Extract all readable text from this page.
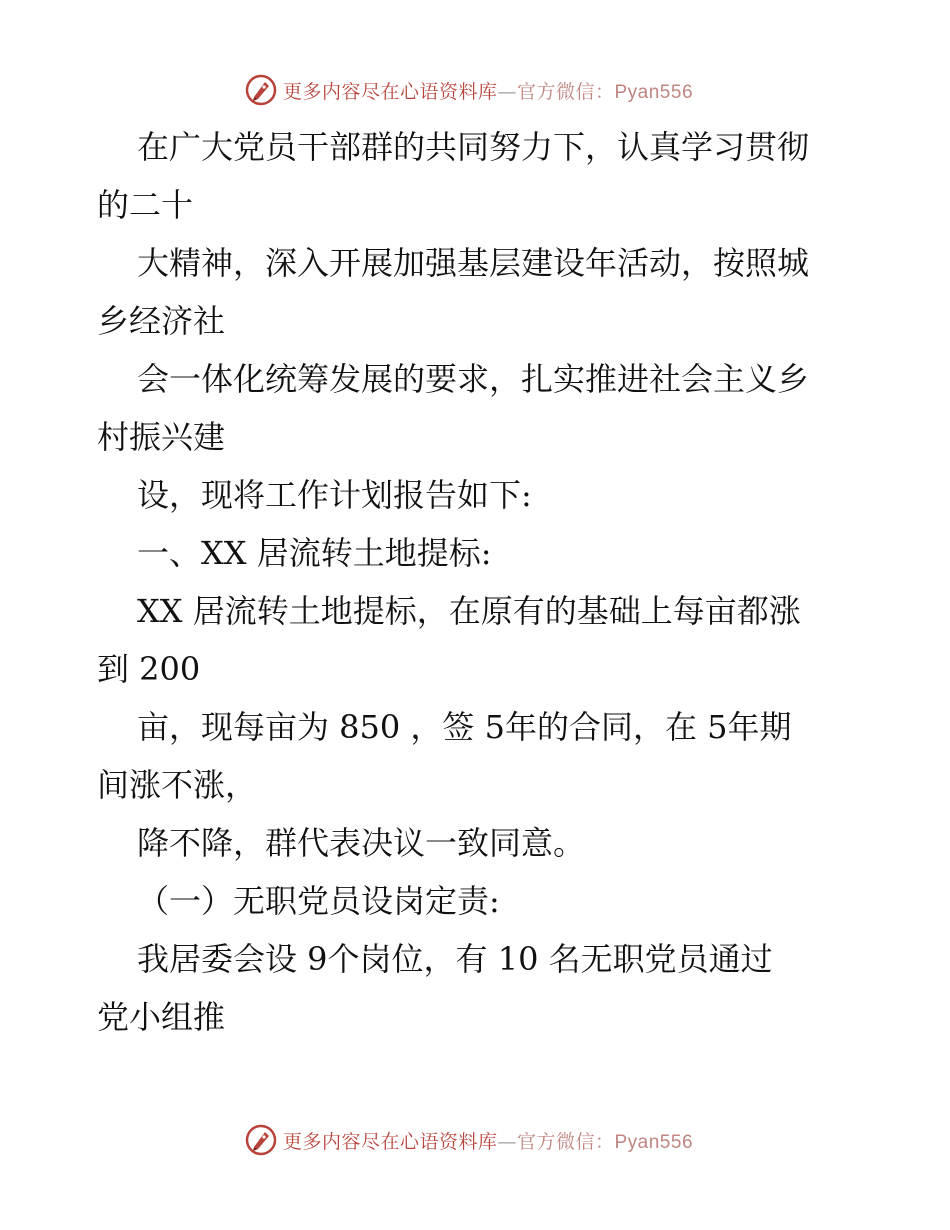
更多内容尽在心语资料库—官方微信：Pyan556

在广大党员干部群的共同努力下，认真学习贯彻

的二十

大精神，深入开展加强基层建设年活动，按照城

乡经济社

会一体化统筹发展的要求，扎实推进社会主义乡

村振兴建

设，现将工作计划报告如下:

一、XX 居流转土地提标:

XX 居流转土地提标，在原有的基础上每亩都涨

到 200

亩，现每亩为 850 ，签 5年的合同，在 5年期

间涨不涨，

降不降，群代表决议一致同意。

（一）无职党员设岗定责:

我居委会设 9个岗位，有 10 名无职党员通过

党小组推

更多内容尽在心语资料库—官方微信：Pyan556
